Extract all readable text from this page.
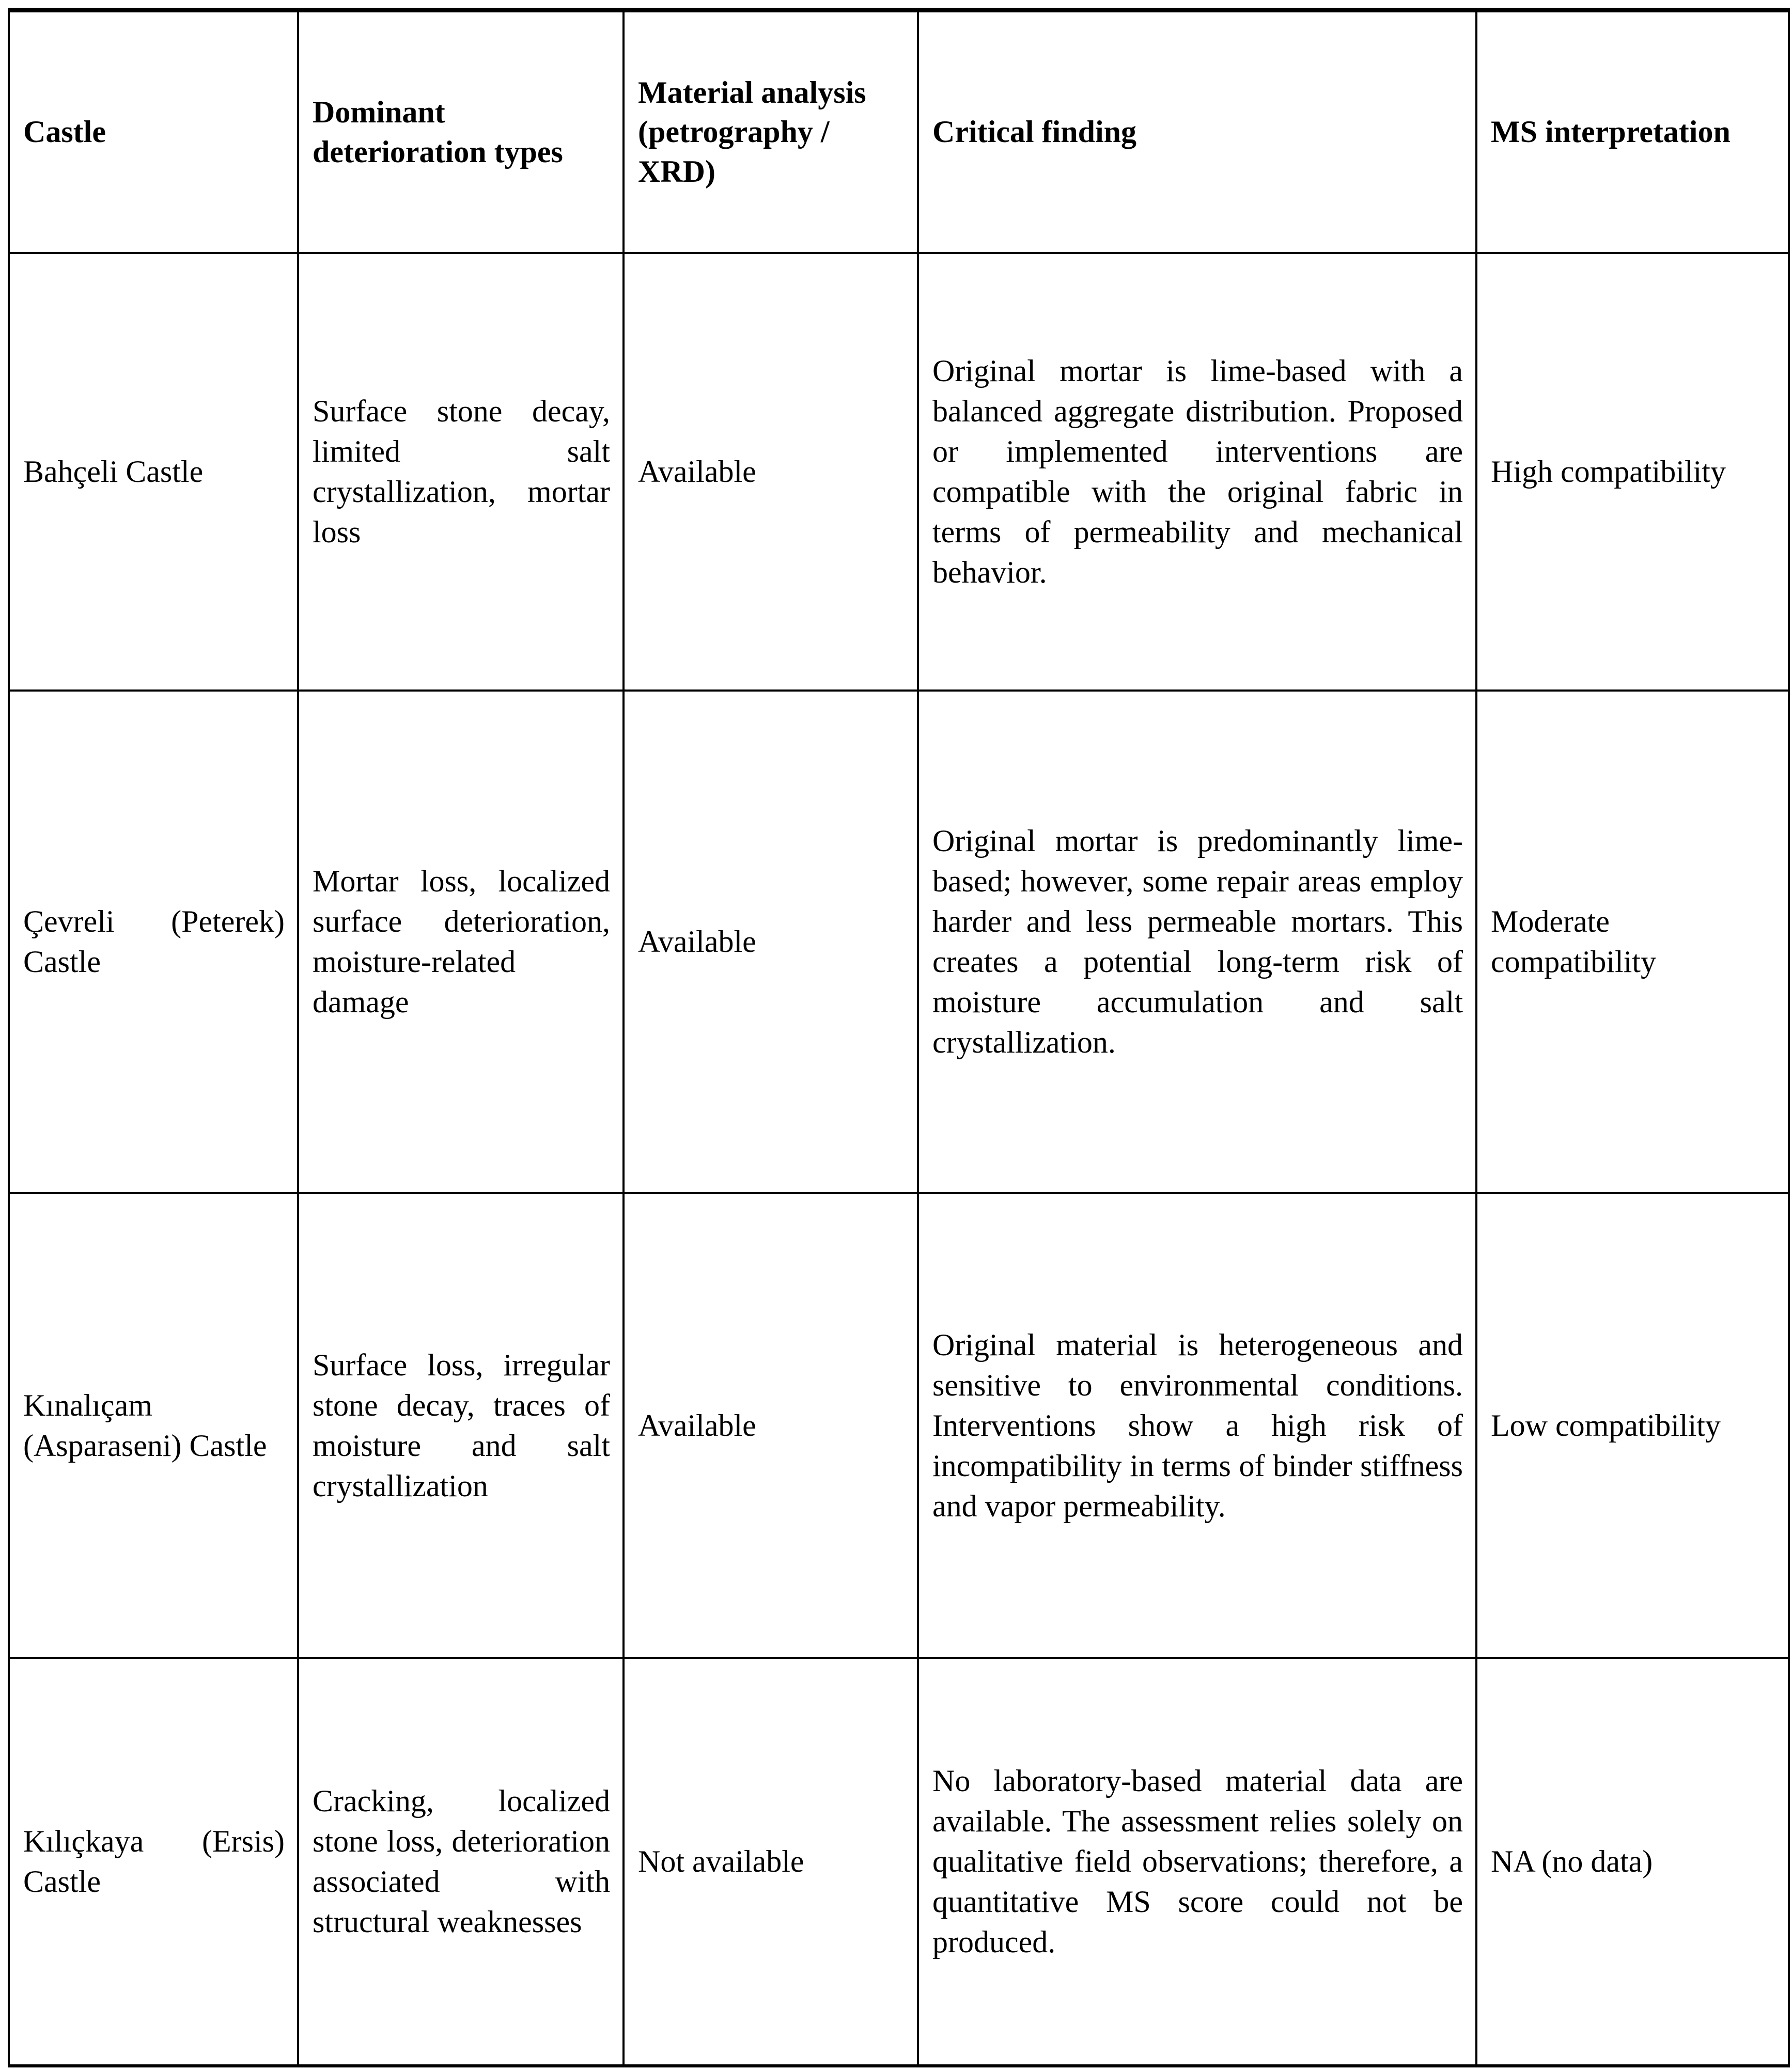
Castle	Dominant deterioration types	Material analysis (petrography / XRD)	Critical finding	MS interpretation

Bahçeli Castle	Surface stone decay, limited salt crystallization, mortar loss	Available	Original mortar is lime-based with a balanced aggregate distribution. Proposed or implemented interventions are compatible with the original fabric in terms of permeability and mechanical behavior.	High compatibility

Çevreli (Peterek) Castle	Mortar loss, localized surface deterioration, moisture-related damage	Available	Original mortar is predominantly lime-based; however, some repair areas employ harder and less permeable mortars. This creates a potential long-term risk of moisture accumulation and salt crystallization.	Moderate compatibility

Kınalıçam (Asparaseni) Castle	Surface loss, irregular stone decay, traces of moisture and salt crystallization	Available	Original material is heterogeneous and sensitive to environmental conditions. Interventions show a high risk of incompatibility in terms of binder stiffness and vapor permeability.	Low compatibility

Kılıçkaya (Ersis) Castle	Cracking, localized stone loss, deterioration associated with structural weaknesses	Not available	No laboratory-based material data are available. The assessment relies solely on qualitative field observations; therefore, a quantitative MS score could not be produced.	NA (no data)
